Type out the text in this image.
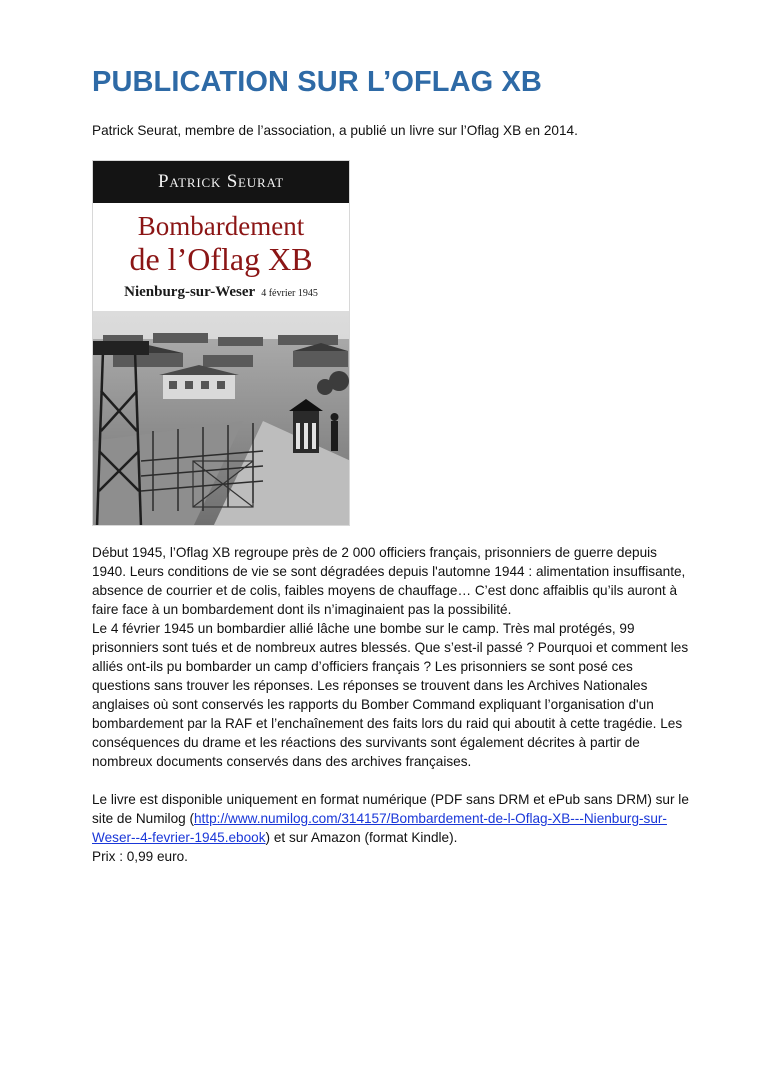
PUBLICATION SUR L’OFLAG XB

Patrick Seurat, membre de l’association, a publié un livre sur l’Oflag XB en 2014.

Patrick Seurat
Bombardement
de l’Oflag XB
Nienburg-sur-Weser 4 février 1945

Début 1945, l’Oflag XB regroupe près de 2 000 officiers français, prisonniers de guerre depuis 1940. Leurs conditions de vie se sont dégradées depuis l'automne 1944 : alimentation insuffisante, absence de courrier et de colis, faibles moyens de chauffage… C’est donc affaiblis qu’ils auront à faire face à un bombardement dont ils n’imaginaient pas la possibilité.

Le 4 février 1945 un bombardier allié lâche une bombe sur le camp. Très mal protégés, 99 prisonniers sont tués et de nombreux autres blessés. Que s’est-il passé ? Pourquoi et comment les alliés ont-ils pu bombarder un camp d’officiers français ? Les prisonniers se sont posé ces questions sans trouver les réponses. Les réponses se trouvent dans les Archives Nationales anglaises où sont conservés les rapports du Bomber Command expliquant l’organisation d'un bombardement par la RAF et l’enchaînement des faits lors du raid qui aboutit à cette tragédie. Les conséquences du drame et les réactions des survivants sont également décrites à partir de nombreux documents conservés dans des archives françaises.

Le livre est disponible uniquement en format numérique (PDF sans DRM et ePub sans DRM) sur le site de Numilog (http://www.numilog.com/314157/Bombardement-de-l-Oflag-XB---Nienburg-sur-Weser--4-fevrier-1945.ebook) et sur Amazon (format Kindle).

Prix : 0,99 euro.
